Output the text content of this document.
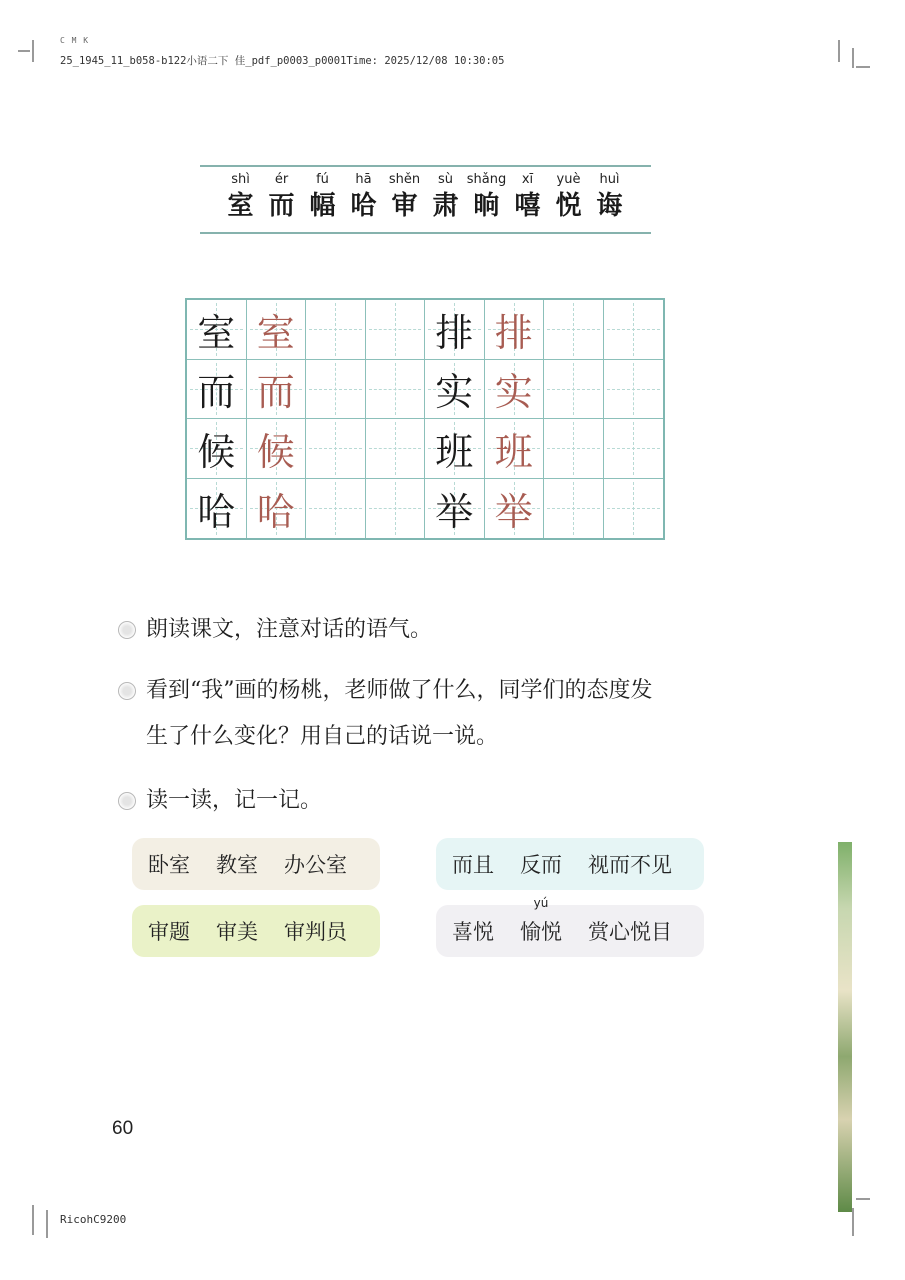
C M K
25_1945_11_b058-b122小语二下 佳_pdf_p0003_p0001Time: 2025/12/08 10:30:05
shì
室
ér
而
fú
幅
hā
哈
shěn
审
sù
肃
shǎng
晌
xī
嘻
yuè
悦
huì
诲
室 室	排 排
而 而	实 实
候 候	班 班
哈 哈	举 举
朗读课文，注意对话的语气。
看到“我”画的杨桃，老师做了什么，同学们的态度发
生了什么变化？用自己的话说一说。
读一读，记一记。
卧室 教室 办公室	而且 反而 视而不见
审题 审美 审判员	喜悦
yú
愉悦 赏心悦目
60
RicohC9200
